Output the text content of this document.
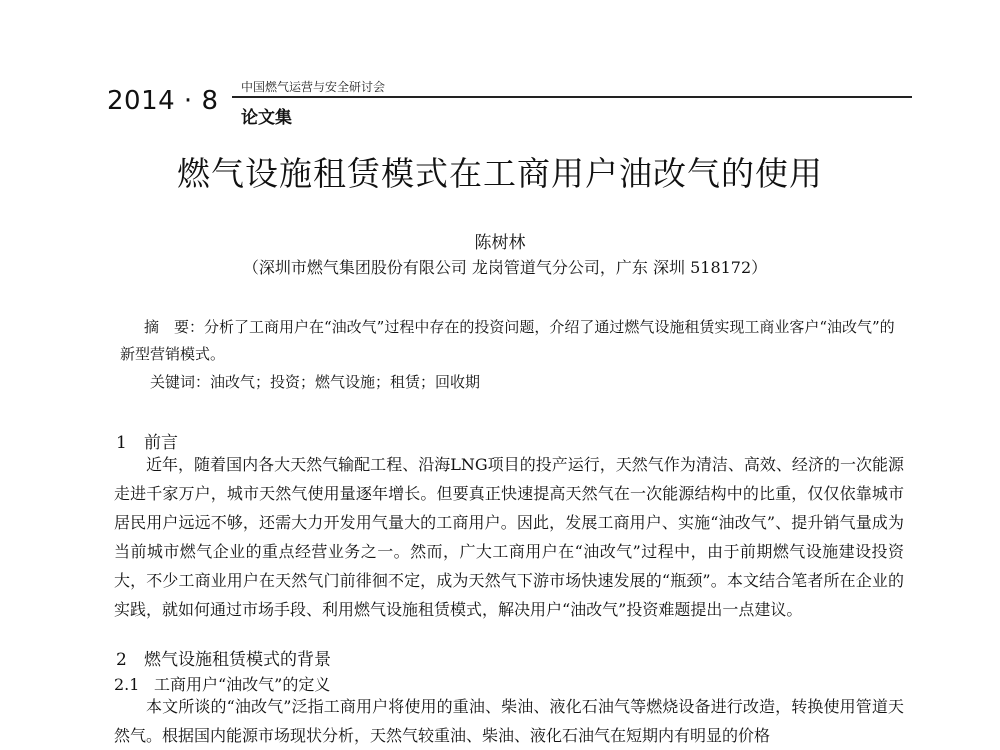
2014 · 8 中国燃气运营与安全研讨会
论文集
燃气设施租赁模式在工商用户油改气的使用
陈树林
（深圳市燃气集团股份有限公司 龙岗管道气分公司，广东 深圳 518172）
摘　要：分析了工商用户在“油改气”过程中存在的投资问题，介绍了通过燃气设施租赁实现工商业客户“油改气”的新型营销模式。
关键词：油改气；投资；燃气设施；租赁；回收期
1 前言
近年，随着国内各大天然气输配工程、沿海LNG项目的投产运行，天然气作为清洁、高效、经济的一次能源走进千家万户，城市天然气使用量逐年增长。但要真正快速提高天然气在一次能源结构中的比重，仅仅依靠城市居民用户远远不够，还需大力开发用气量大的工商用户。因此，发展工商用户、实施“油改气”、提升销气量成为当前城市燃气企业的重点经营业务之一。然而，广大工商用户在“油改气”过程中，由于前期燃气设施建设投资大，不少工商业用户在天然气门前徘徊不定，成为天然气下游市场快速发展的“瓶颈”。本文结合笔者所在企业的实践，就如何通过市场手段、利用燃气设施租赁模式，解决用户“油改气”投资难题提出一点建议。
2 燃气设施租赁模式的背景
2.1 工商用户“油改气”的定义
本文所谈的“油改气”泛指工商用户将使用的重油、柴油、液化石油气等燃烧设备进行改造，转换使用管道天然气。根据国内能源市场现状分析，天然气较重油、柴油、液化石油气在短期内有明显的价格
